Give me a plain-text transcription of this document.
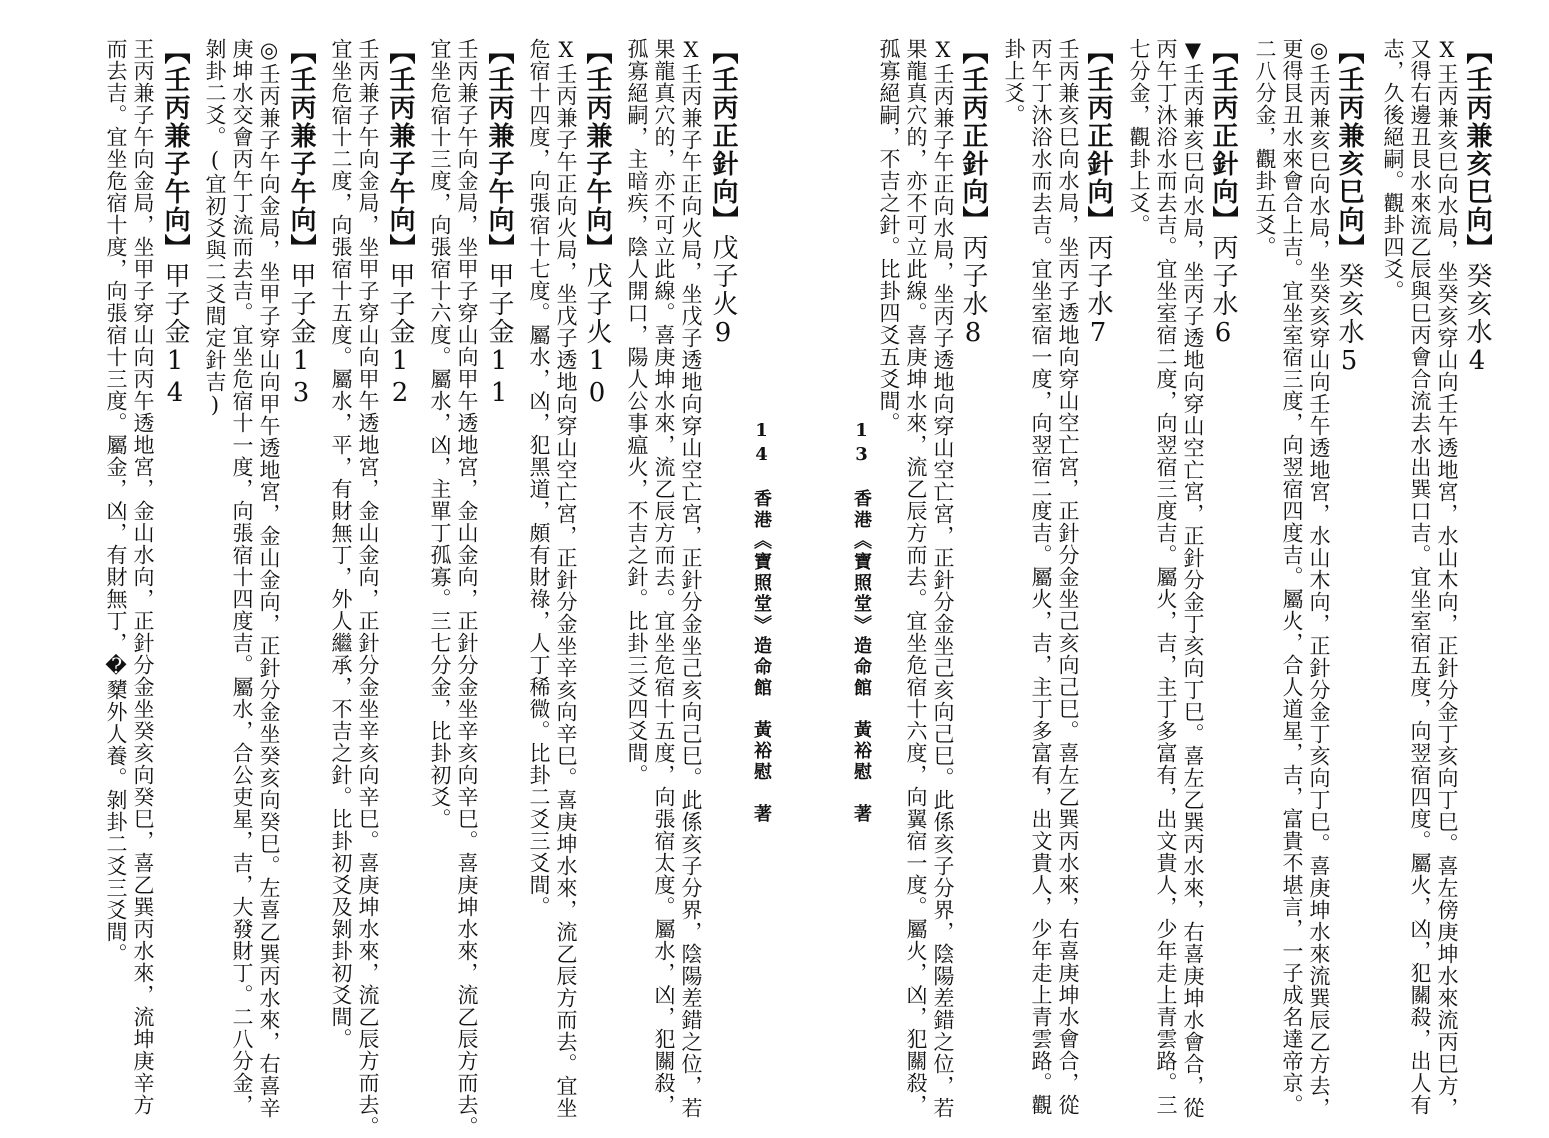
【壬丙兼亥巳向】癸亥水4
X王丙兼亥巳向水局，坐癸亥穿山向壬午透地宮，水山木向，正針分金丁亥向丁巳。喜左傍庚坤水來流丙巳方，
又得右邊丑艮水來流乙辰與巳丙會合流去水出巽口吉。宜坐室宿五度，向翌宿四度。屬火，凶，犯關殺，出人有
志，久後絕嗣。觀卦四爻。
【壬丙兼亥巳向】癸亥水5
◎壬丙兼亥巳向水局，坐癸亥穿山向壬午透地宮，水山木向，正針分金丁亥向丁巳。喜庚坤水來流巽辰乙方去，
更得艮丑水來會合上吉。宜坐室宿三度，向翌宿四度吉。屬火，合人道星，吉，富貴不堪言，一子成名達帝京。
二八分金，觀卦五爻。
【壬丙正針向】丙子水6
▼壬丙兼亥巳向水局，坐丙子透地向穿山空亡宮，正針分金丁亥向丁巳。喜左乙巽丙水來，右喜庚坤水會合，從
丙午丁沐浴水而去吉。宜坐室宿二度，向翌宿三度吉。屬火，吉，主丁多富有，出文貴人，少年走上青雲路。三
七分金，觀卦上爻。
【壬丙正針向】丙子水7
壬丙兼亥巳向水局，坐丙子透地向穿山空亡宮，正針分金坐己亥向己巳。喜左乙巽丙水來，右喜庚坤水會合，從
丙午丁沐浴水而去吉。宜坐室宿一度，向翌宿二度吉。屬火，吉，主丁多富有，出文貴人，少年走上青雲路。觀
卦上爻。
【壬丙正針向】丙子水8
X壬丙兼子午正向水局，坐丙子透地向穿山空亡宮，正針分金坐己亥向己巳。此係亥子分界，陰陽差錯之位，若
果龍真穴的，亦不可立此線。喜庚坤水來，流乙辰方而去。宜坐危宿十六度，向翼宿一度。屬火，凶，犯關殺，
孤寡絕嗣，不吉之針。比卦四爻五爻間。
13　香港《寶照堂》造命館　黃裕慰　著
14　香港《寶照堂》造命館　黃裕慰　著
【壬丙正針向】戊子火9
X壬丙兼子午正向火局，坐戊子透地向穿山空亡宮，正針分金坐己亥向己巳。此係亥子分界，陰陽差錯之位，若
果龍真穴的，亦不可立此線。喜庚坤水來，流乙辰方而去。宜坐危宿十五度，向張宿太度。屬水，凶，犯關殺，
孤寡絕嗣，主暗疾，陰人開口，陽人公事瘟火，不吉之針。比卦三爻四爻間。
【壬丙兼子午向】戊子火10
X壬丙兼子午正向火局，坐戊子透地向穿山空亡宮，正針分金坐辛亥向辛巳。喜庚坤水來，流乙辰方而去。宜坐
危宿十四度，向張宿十七度。屬水，凶，犯黑道，頗有財祿，人丁稀微。比卦二爻三爻間。
【壬丙兼子午向】甲子金11
壬丙兼子午向金局，坐甲子穿山向甲午透地宮，金山金向，正針分金坐辛亥向辛巳。喜庚坤水來，流乙辰方而去。
宜坐危宿十三度，向張宿十六度。屬水，凶，主單丁孤寡。三七分金，比卦初爻。
【壬丙兼子午向】甲子金12
壬丙兼子午向金局，坐甲子穿山向甲午透地宮，金山金向，正針分金坐辛亥向辛巳。喜庚坤水來，流乙辰方而去。
宜坐危宿十二度，向張宿十五度。屬水，平，有財無丁，外人繼承，不吉之針。比卦初爻及剝卦初爻間。
【壬丙兼子午向】甲子金13
◎壬丙兼子午向金局，坐甲子穿山向甲午透地宮，金山金向，正針分金坐癸亥向癸巳。左喜乙巽丙水來，右喜辛
庚坤水交會丙午丁流而去吉。宜坐危宿十一度，向張宿十四度吉。屬水，合公吏星，吉，大發財丁。二八分金，
剝卦二爻。(宜初爻與二爻間定針吉)
【壬丙兼子午向】甲子金14
王丙兼子午向金局，坐甲子穿山向丙午透地宮，金山水向，正針分金坐癸亥向癸巳，喜乙巽丙水來，流坤庚辛方
而去吉。宜坐危宿十度，向張宿十三度。屬金，凶，有財無丁，�櫫外人養。剝卦二爻三爻間。
